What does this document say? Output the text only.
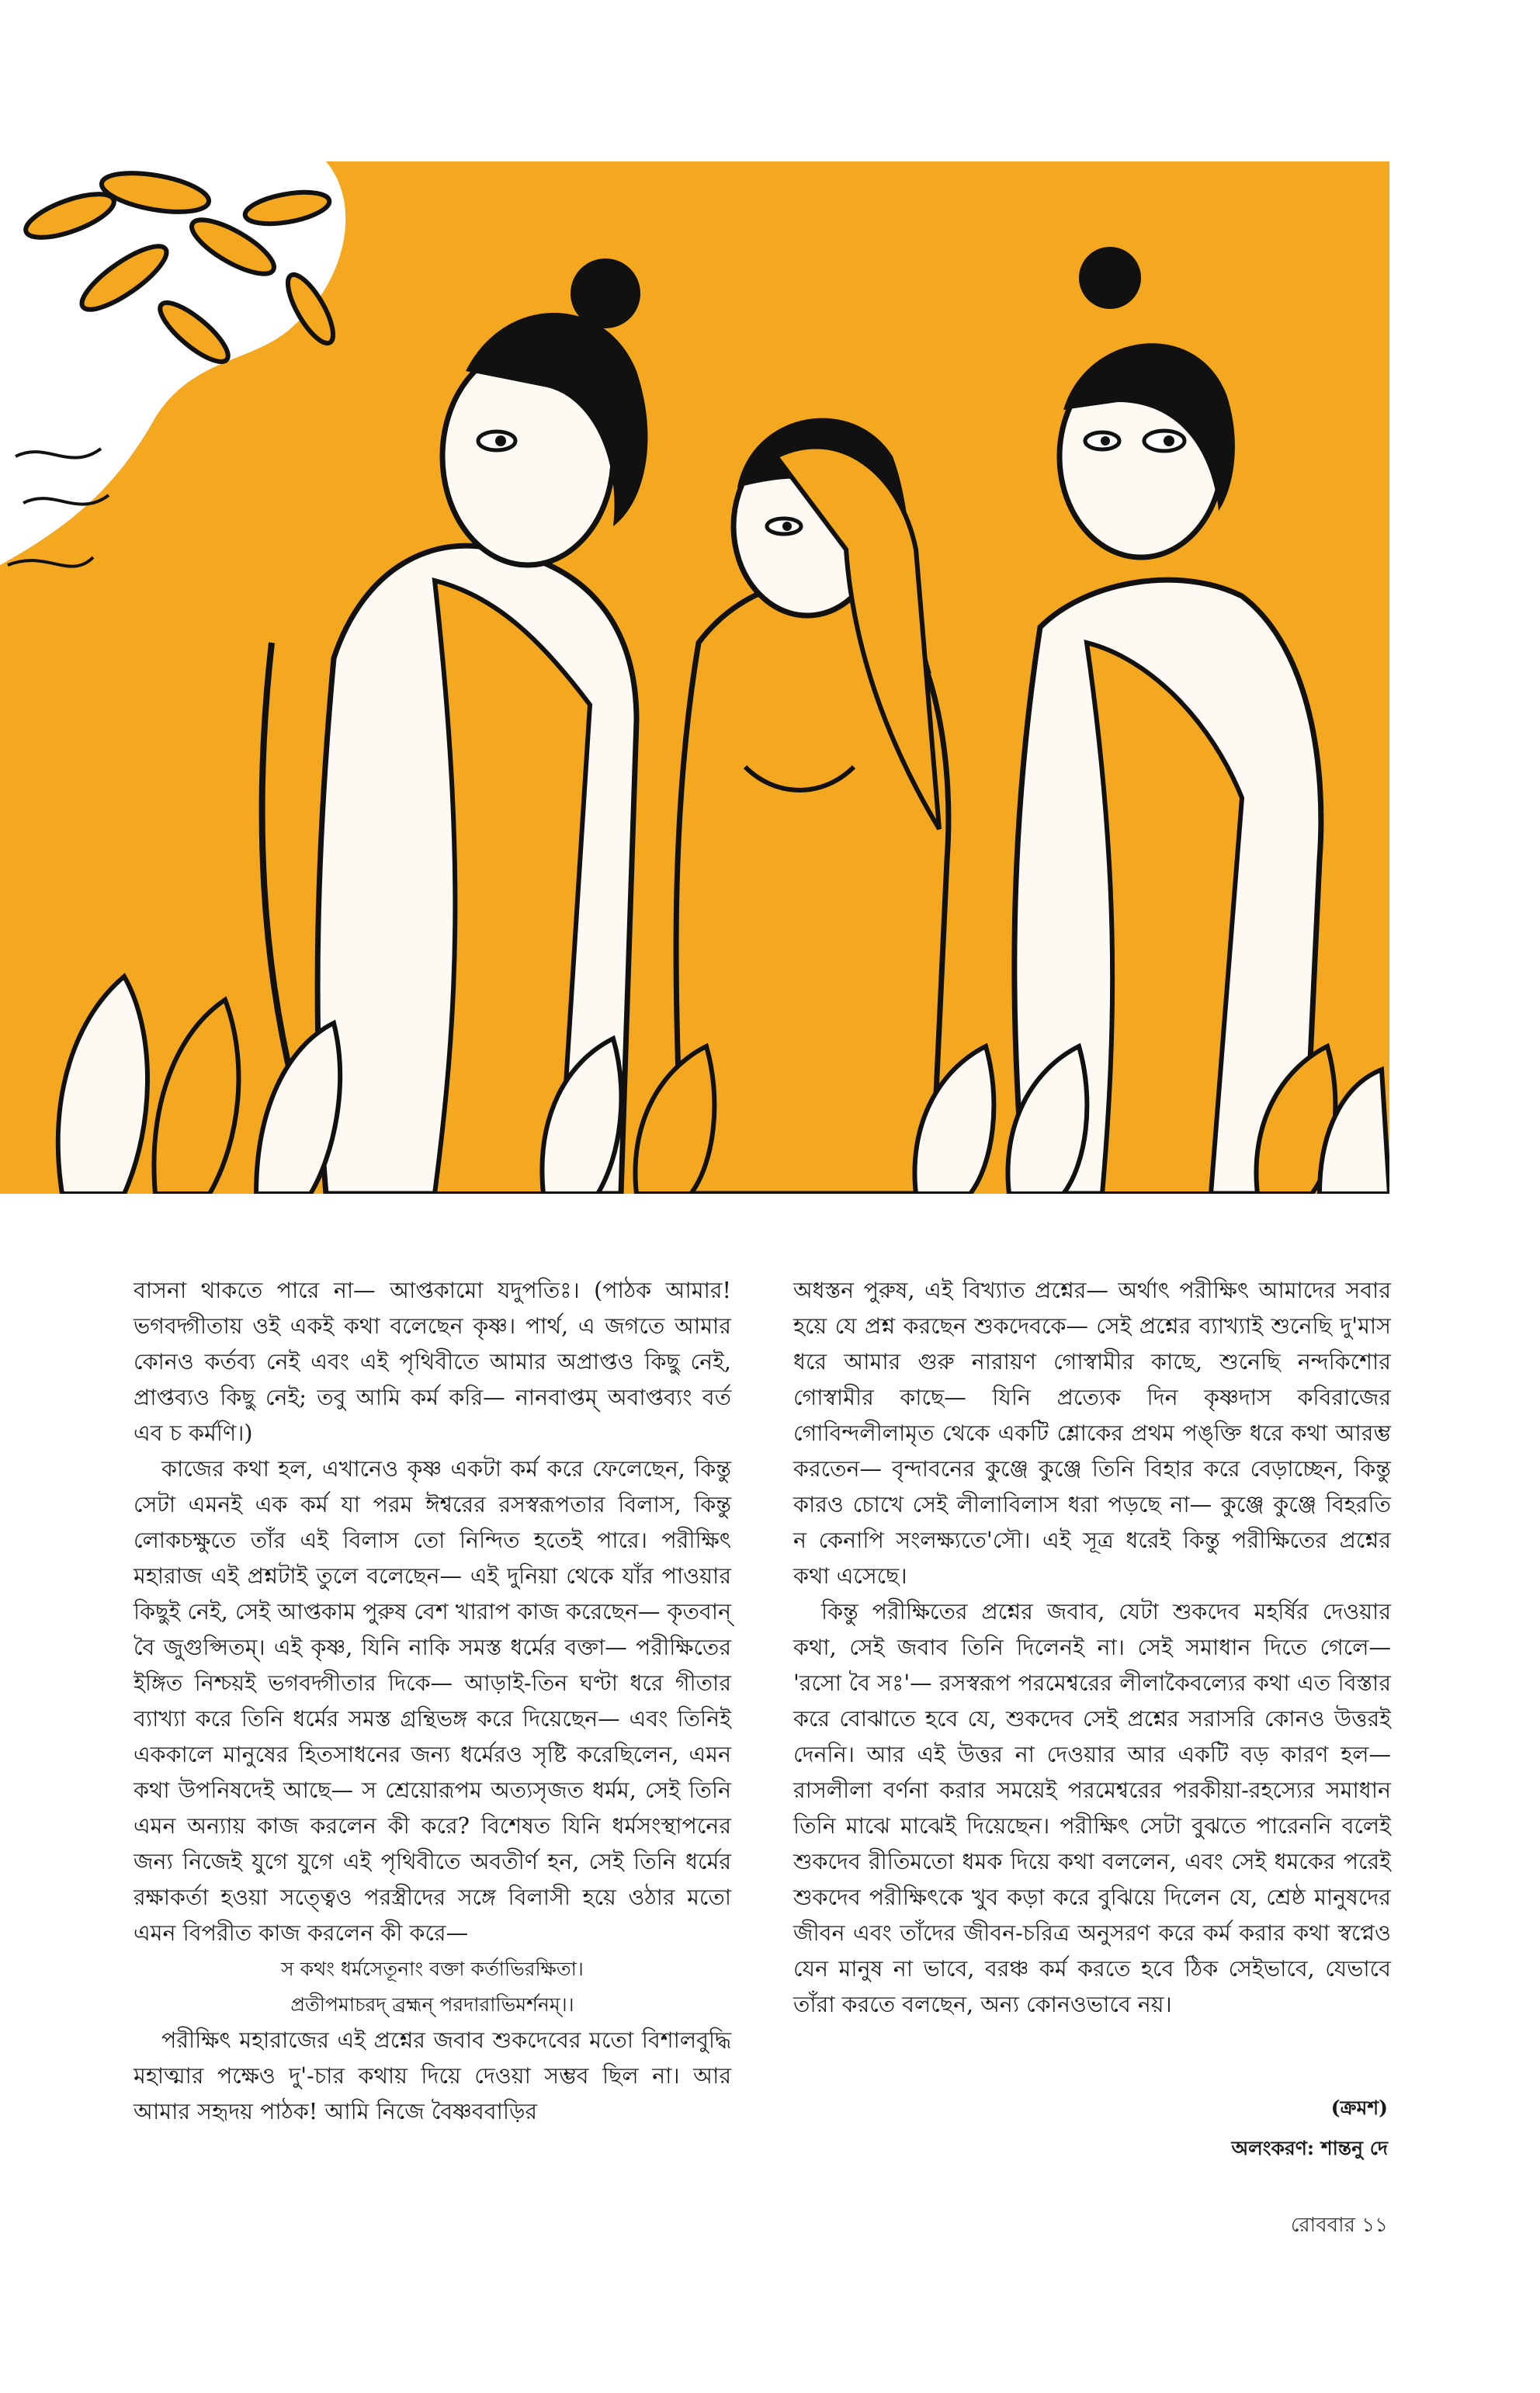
বাসনা থাকতে পারে না— আপ্তকামো যদুপতিঃ। (পাঠক আমার! ভগবদ্গীতায় ওই একই কথা বলেছেন কৃষ্ণ। পার্থ, এ জগতে আমার কোনও কর্তব্য নেই এবং এই পৃথিবীতে আমার অপ্রাপ্তও কিছু নেই, প্রাপ্তব্যও কিছু নেই; তবু আমি কর্ম করি— নানবাপ্তম্ অবাপ্তব্যং বর্ত এব চ কর্মণি।)

কাজের কথা হল, এখানেও কৃষ্ণ একটা কর্ম করে ফেলেছেন, কিন্তু সেটা এমনই এক কর্ম যা পরম ঈশ্বরের রসস্বরূপতার বিলাস, কিন্তু লোকচক্ষুতে তাঁর এই বিলাস তো নিন্দিত হতেই পারে। পরীক্ষিৎ মহারাজ এই প্রশ্নটাই তুলে বলেছেন— এই দুনিয়া থেকে যাঁর পাওয়ার কিছুই নেই, সেই আপ্তকাম পুরুষ বেশ খারাপ কাজ করেছেন— কৃতবান্ বৈ জুগুপ্সিতম্। এই কৃষ্ণ, যিনি নাকি সমস্ত ধর্মের বক্তা— পরীক্ষিতের ইঙ্গিত নিশ্চয়ই ভগবদ্গীতার দিকে— আড়াই-তিন ঘণ্টা ধরে গীতার ব্যাখ্যা করে তিনি ধর্মের সমস্ত গ্রন্থিভঙ্গ করে দিয়েছেন— এবং তিনিই এককালে মানুষের হিতসাধনের জন্য ধর্মেরও সৃষ্টি করেছিলেন, এমন কথা উপনিষদেই আছে— স শ্রেয়োরূপম অত্যসৃজত ধর্মম, সেই তিনি এমন অন্যায় কাজ করলেন কী করে? বিশেষত যিনি ধর্মসংস্থাপনের জন্য নিজেই যুগে যুগে এই পৃথিবীতে অবতীর্ণ হন, সেই তিনি ধর্মের রক্ষাকর্তা হওয়া সত্ত্বেও পরস্ত্রীদের সঙ্গে বিলাসী হয়ে ওঠার মতো এমন বিপরীত কাজ করলেন কী করে—

স কথং ধর্মসেতূনাং বক্তা কর্তাভিরক্ষিতা।

প্রতীপমাচরদ্ ব্রহ্মন্ পরদারাভিমর্শনম্।।

পরীক্ষিৎ মহারাজের এই প্রশ্নের জবাব শুকদেবের মতো বিশালবুদ্ধি মহাত্মার পক্ষেও দু'-চার কথায় দিয়ে দেওয়া সম্ভব ছিল না। আর আমার সহৃদয় পাঠক! আমি নিজে বৈষ্ণববাড়ির

অধস্তন পুরুষ, এই বিখ্যাত প্রশ্নের— অর্থাৎ পরীক্ষিৎ আমাদের সবার হয়ে যে প্রশ্ন করছেন শুকদেবকে— সেই প্রশ্নের ব্যাখ্যাই শুনেছি দু'মাস ধরে আমার গুরু নারায়ণ গোস্বামীর কাছে, শুনেছি নন্দকিশোর গোস্বামীর কাছে— যিনি প্রত্যেক দিন কৃষ্ণদাস কবিরাজের গোবিন্দলীলামৃত থেকে একটি শ্লোকের প্রথম পঙ্‌ক্তি ধরে কথা আরম্ভ করতেন— বৃন্দাবনের কুঞ্জে কুঞ্জে তিনি বিহার করে বেড়াচ্ছেন, কিন্তু কারও চোখে সেই লীলাবিলাস ধরা পড়ছে না— কুঞ্জে কুঞ্জে বিহরতি ন কেনাপি সংলক্ষ্যতে'সৌ। এই সূত্র ধরেই কিন্তু পরীক্ষিতের প্রশ্নের কথা এসেছে।

কিন্তু পরীক্ষিতের প্রশ্নের জবাব, যেটা শুকদেব মহর্ষির দেওয়ার কথা, সেই জবাব তিনি দিলেনই না। সেই সমাধান দিতে গেলে— 'রসো বৈ সঃ'— রসস্বরূপ পরমেশ্বরের লীলাকৈবল্যের কথা এত বিস্তার করে বোঝাতে হবে যে, শুকদেব সেই প্রশ্নের সরাসরি কোনও উত্তরই দেননি। আর এই উত্তর না দেওয়ার আর একটি বড় কারণ হল— রাসলীলা বর্ণনা করার সময়েই পরমেশ্বরের পরকীয়া-রহস্যের সমাধান তিনি মাঝে মাঝেই দিয়েছেন। পরীক্ষিৎ সেটা বুঝতে পারেননি বলেই শুকদেব রীতিমতো ধমক দিয়ে কথা বললেন, এবং সেই ধমকের পরেই শুকদেব পরীক্ষিৎকে খুব কড়া করে বুঝিয়ে দিলেন যে, শ্রেষ্ঠ মানুষদের জীবন এবং তাঁদের জীবন-চরিত্র অনুসরণ করে কর্ম করার কথা স্বপ্নেও যেন মানুষ না ভাবে, বরঞ্চ কর্ম করতে হবে ঠিক সেইভাবে, যেভাবে তাঁরা করতে বলছেন, অন্য কোনওভাবে নয়।

(ক্রমশ)
অলংকরণ: শান্তনু দে
রোববার ১১
